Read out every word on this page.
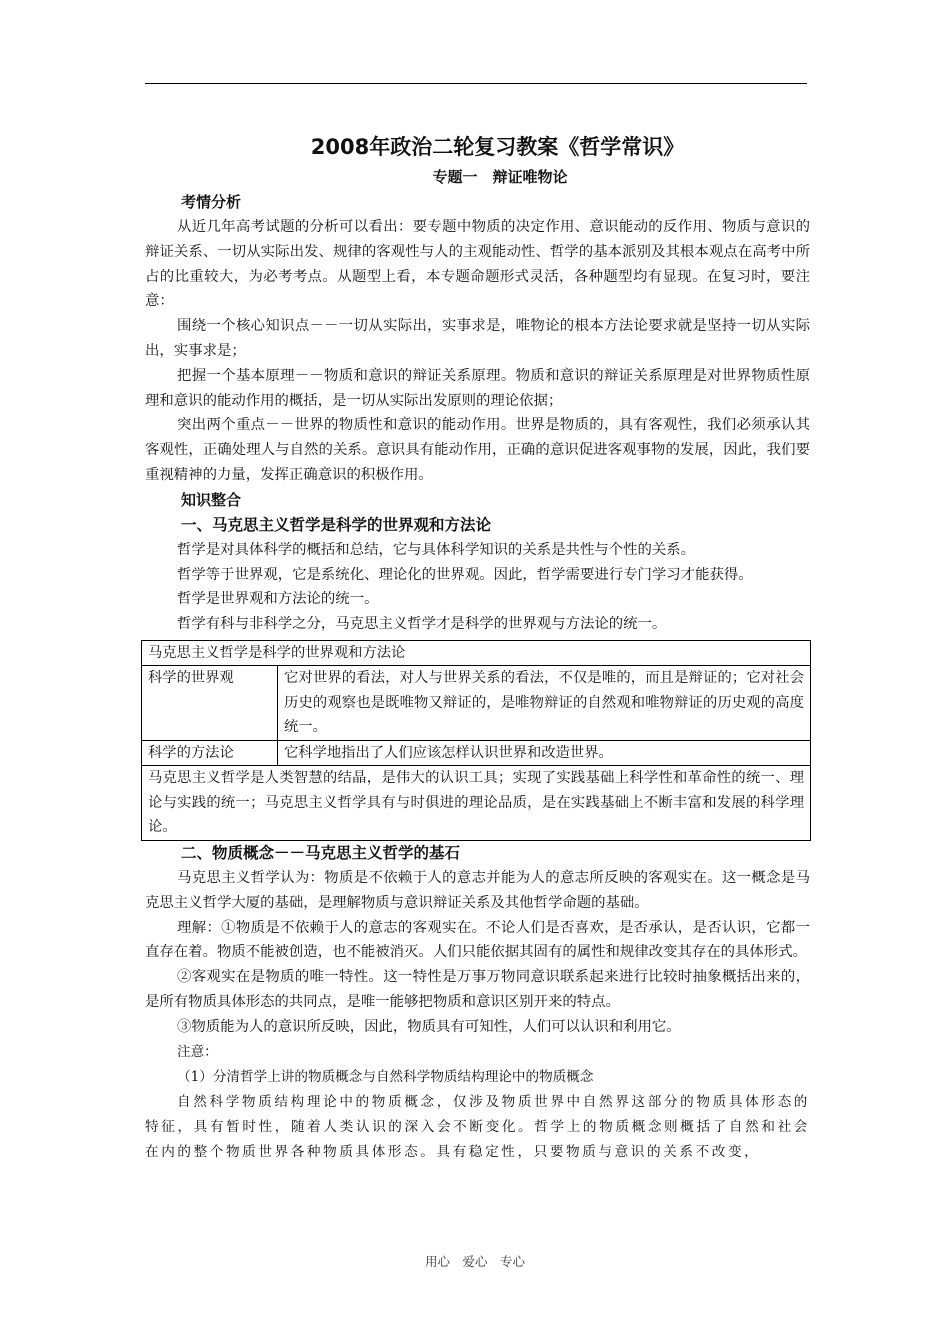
2008年政治二轮复习教案《哲学常识》
专题一　辩证唯物论
考情分析

从近几年高考试题的分析可以看出：要专题中物质的决定作用、意识能动的反作用、物质与意识的辩证关系、一切从实际出发、规律的客观性与人的主观能动性、哲学的基本派别及其根本观点在高考中所占的比重较大，为必考考点。从题型上看，本专题命题形式灵活，各种题型均有显现。在复习时，要注意：

围绕一个核心知识点－－一切从实际出，实事求是，唯物论的根本方法论要求就是坚持一切从实际出，实事求是；

把握一个基本原理－－物质和意识的辩证关系原理。物质和意识的辩证关系原理是对世界物质性原理和意识的能动作用的概括，是一切从实际出发原则的理论依据；

突出两个重点－－世界的物质性和意识的能动作用。世界是物质的，具有客观性，我们必须承认其客观性，正确处理人与自然的关系。意识具有能动作用，正确的意识促进客观事物的发展，因此，我们要重视精神的力量，发挥正确意识的积极作用。

知识整合
一、马克思主义哲学是科学的世界观和方法论

哲学是对具体科学的概括和总结，它与具体科学知识的关系是共性与个性的关系。

哲学等于世界观，它是系统化、理论化的世界观。因此，哲学需要进行专门学习才能获得。

哲学是世界观和方法论的统一。

哲学有科与非科学之分，马克思主义哲学才是科学的世界观与方法论的统一。

马克思主义哲学是科学的世界观和方法论	
科学的世界观	它对世界的看法，对人与世界关系的看法，不仅是唯的，而且是辩证的；它对社会历史的观察也是既唯物又辩证的，是唯物辩证的自然观和唯物辩证的历史观的高度统一。
科学的方法论	它科学地指出了人们应该怎样认识世界和改造世界。
马克思主义哲学是人类智慧的结晶，是伟大的认识工具；实现了实践基础上科学性和革命性的统一、理论与实践的统一；马克思主义哲学具有与时俱进的理论品质，是在实践基础上不断丰富和发展的科学理论。	
二、物质概念－－马克思主义哲学的基石

马克思主义哲学认为：物质是不依赖于人的意志并能为人的意志所反映的客观实在。这一概念是马克思主义哲学大厦的基础，是理解物质与意识辩证关系及其他哲学命题的基础。

理解：①物质是不依赖于人的意志的客观实在。不论人们是否喜欢，是否承认，是否认识，它都一直存在着。物质不能被创造，也不能被消灭。人们只能依据其固有的属性和规律改变其存在的具体形式。

②客观实在是物质的唯一特性。这一特性是万事万物同意识联系起来进行比较时抽象概括出来的，是所有物质具体形态的共同点，是唯一能够把物质和意识区别开来的特点。

③物质能为人的意识所反映，因此，物质具有可知性，人们可以认识和利用它。

注意：

（1）分清哲学上讲的物质概念与自然科学物质结构理论中的物质概念

自然科学物质结构理论中的物质概念，仅涉及物质世界中自然界这部分的物质具体形态的特征，具有暂时性，随着人类认识的深入会不断变化。哲学上的物质概念则概括了自然和社会在内的整个物质世界各种物质具体形态。具有稳定性，只要物质与意识的关系不改变，

用心　爱心　专心
